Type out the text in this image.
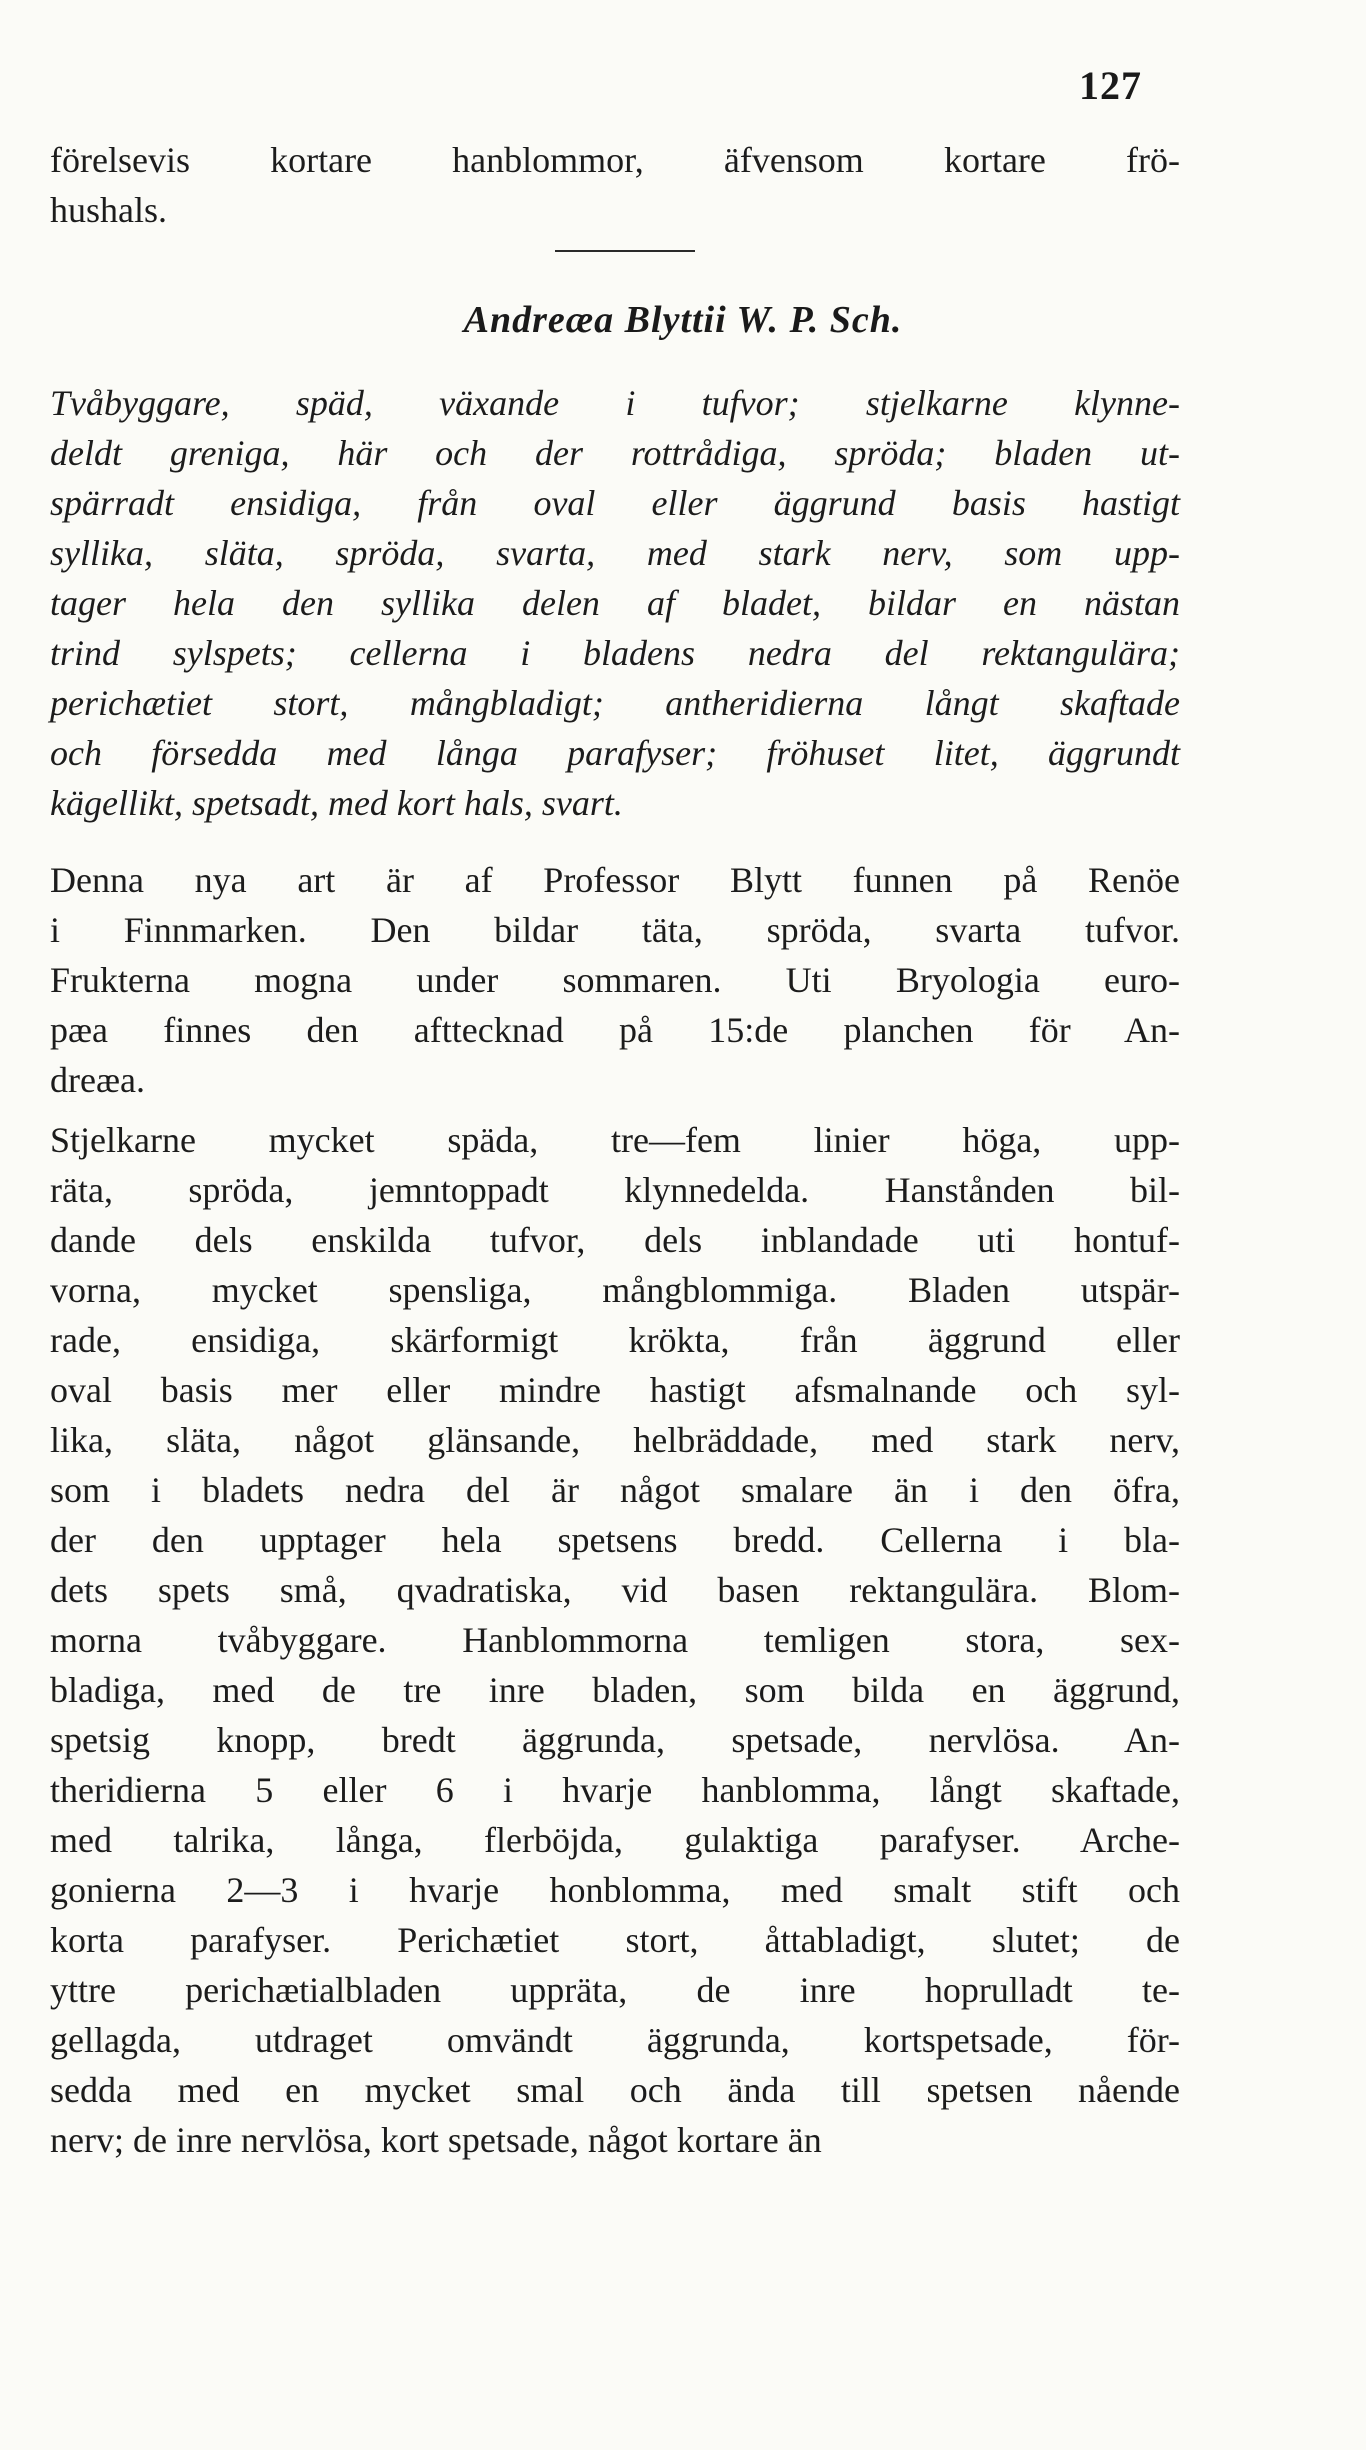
127
förelsevis kortare hanblommor, äfvensom kortare frö-
hushals.
Andreæa Blyttii W. P. Sch.
Tvåbyggare, späd, växande i tufvor; stjelkarne klynne-
deldt greniga, här och der rottrådiga, spröda; bladen ut-
spärradt ensidiga, från oval eller äggrund basis hastigt
syllika, släta, spröda, svarta, med stark nerv, som upp-
tager hela den syllika delen af bladet, bildar en nästan
trind sylspets; cellerna i bladens nedra del rektangulära;
perichætiet stort, mångbladigt; antheridierna långt skaftade
och försedda med långa parafyser; fröhuset litet, äggrundt
kägellikt, spetsadt, med kort hals, svart.
Denna nya art är af Professor Blytt funnen på Renöe
i Finnmarken. Den bildar täta, spröda, svarta tufvor.
Frukterna mogna under sommaren. Uti Bryologia euro-
pæa finnes den afttecknad på 15:de planchen för An-
dreæa.
Stjelkarne mycket späda, tre—fem linier höga, upp-
räta, spröda, jemntoppadt klynnedelda. Hanstånden bil-
dande dels enskilda tufvor, dels inblandade uti hontuf-
vorna, mycket spensliga, mångblommiga. Bladen utspär-
rade, ensidiga, skärformigt krökta, från äggrund eller
oval basis mer eller mindre hastigt afsmalnande och syl-
lika, släta, något glänsande, helbräddade, med stark nerv,
som i bladets nedra del är något smalare än i den öfra,
der den upptager hela spetsens bredd. Cellerna i bla-
dets spets små, qvadratiska, vid basen rektangulära. Blom-
morna tvåbyggare. Hanblommorna temligen stora, sex-
bladiga, med de tre inre bladen, som bilda en äggrund,
spetsig knopp, bredt äggrunda, spetsade, nervlösa. An-
theridierna 5 eller 6 i hvarje hanblomma, långt skaftade,
med talrika, långa, flerböjda, gulaktiga parafyser. Arche-
gonierna 2—3 i hvarje honblomma, med smalt stift och
korta parafyser. Perichætiet stort, åttabladigt, slutet; de
yttre perichætialbladen uppräta, de inre hoprulladt te-
gellagda, utdraget omvändt äggrunda, kortspetsade, för-
sedda med en mycket smal och ända till spetsen nående
nerv; de inre nervlösa, kort spetsade, något kortare än
